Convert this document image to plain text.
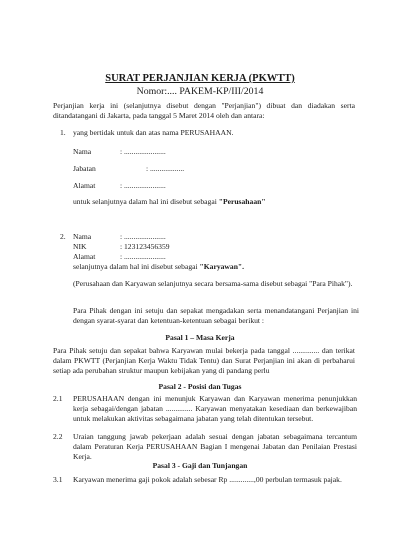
SURAT PERJANJIAN KERJA (PKWTT)

Nomor:.... PAKEM-KP/III/2014

Perjanjian kerja ini (selanjutnya disebut dengan "Perjanjian") dibuat dan diadakan serta ditandatangani di Jakarta, pada tanggal 5 Maret 2014 oleh dan antara:

1. yang bertidak untuk dan atas nama PERUSAHAAN.
Nama	: ......................
Jabatan	: ..................
Alamat	: ......................

untuk selanjutnya dalam hal ini disebut sebagai "Perusahaan"

2. Nama	: ......................
NIK	: 123123456359
Alamat	: ......................

selanjutnya dalam hal ini disebut sebagai "Karyawan".

(Perusahaan dan Karyawan selanjutnya secara bersama-sama disebut sebagai "Para Pihak").

Para Pihak dengan ini setuju dan sepakat mengadakan serta menandatangani Perjanjian ini dengan syarat-syarat dan ketentuan-ketentuan sebagai berikut :

Pasal 1 – Masa Kerja

Para Pihak setuju dan sepakat bahwa Karyawan mulai bekerja pada tanggal .............. dan terikat dalam PKWTT (Perjanjian Kerja Waktu Tidak Tentu) dan Surat Perjanjian ini akan di perbaharui setiap ada perubahan struktur maupun kebijakan yang di pandang perlu

Pasal 2 - Posisi dan Tugas

2.1 PERUSAHAAN dengan ini menunjuk Karyawan dan Karyawan menerima penunjukkan kerja sebagai/dengan jabatan .............. Karyawan menyatakan kesediaan dan berkewajiban untuk melakukan aktivitas sebagaimana jabatan yang telah ditentukan tersebut.

2.2 Uraian tanggung jawab pekerjaan adalah sesuai dengan jabatan sebagaimana tercantum dalam Peraturan Kerja PERUSAHAAN Bagian I mengenai Jabatan dan Penilaian Prestasi Kerja.

Pasal 3 - Gaji dan Tunjangan

3.1 Karyawan menerima gaji pokok adalah sebesar Rp .............,00 perbulan termasuk pajak.
